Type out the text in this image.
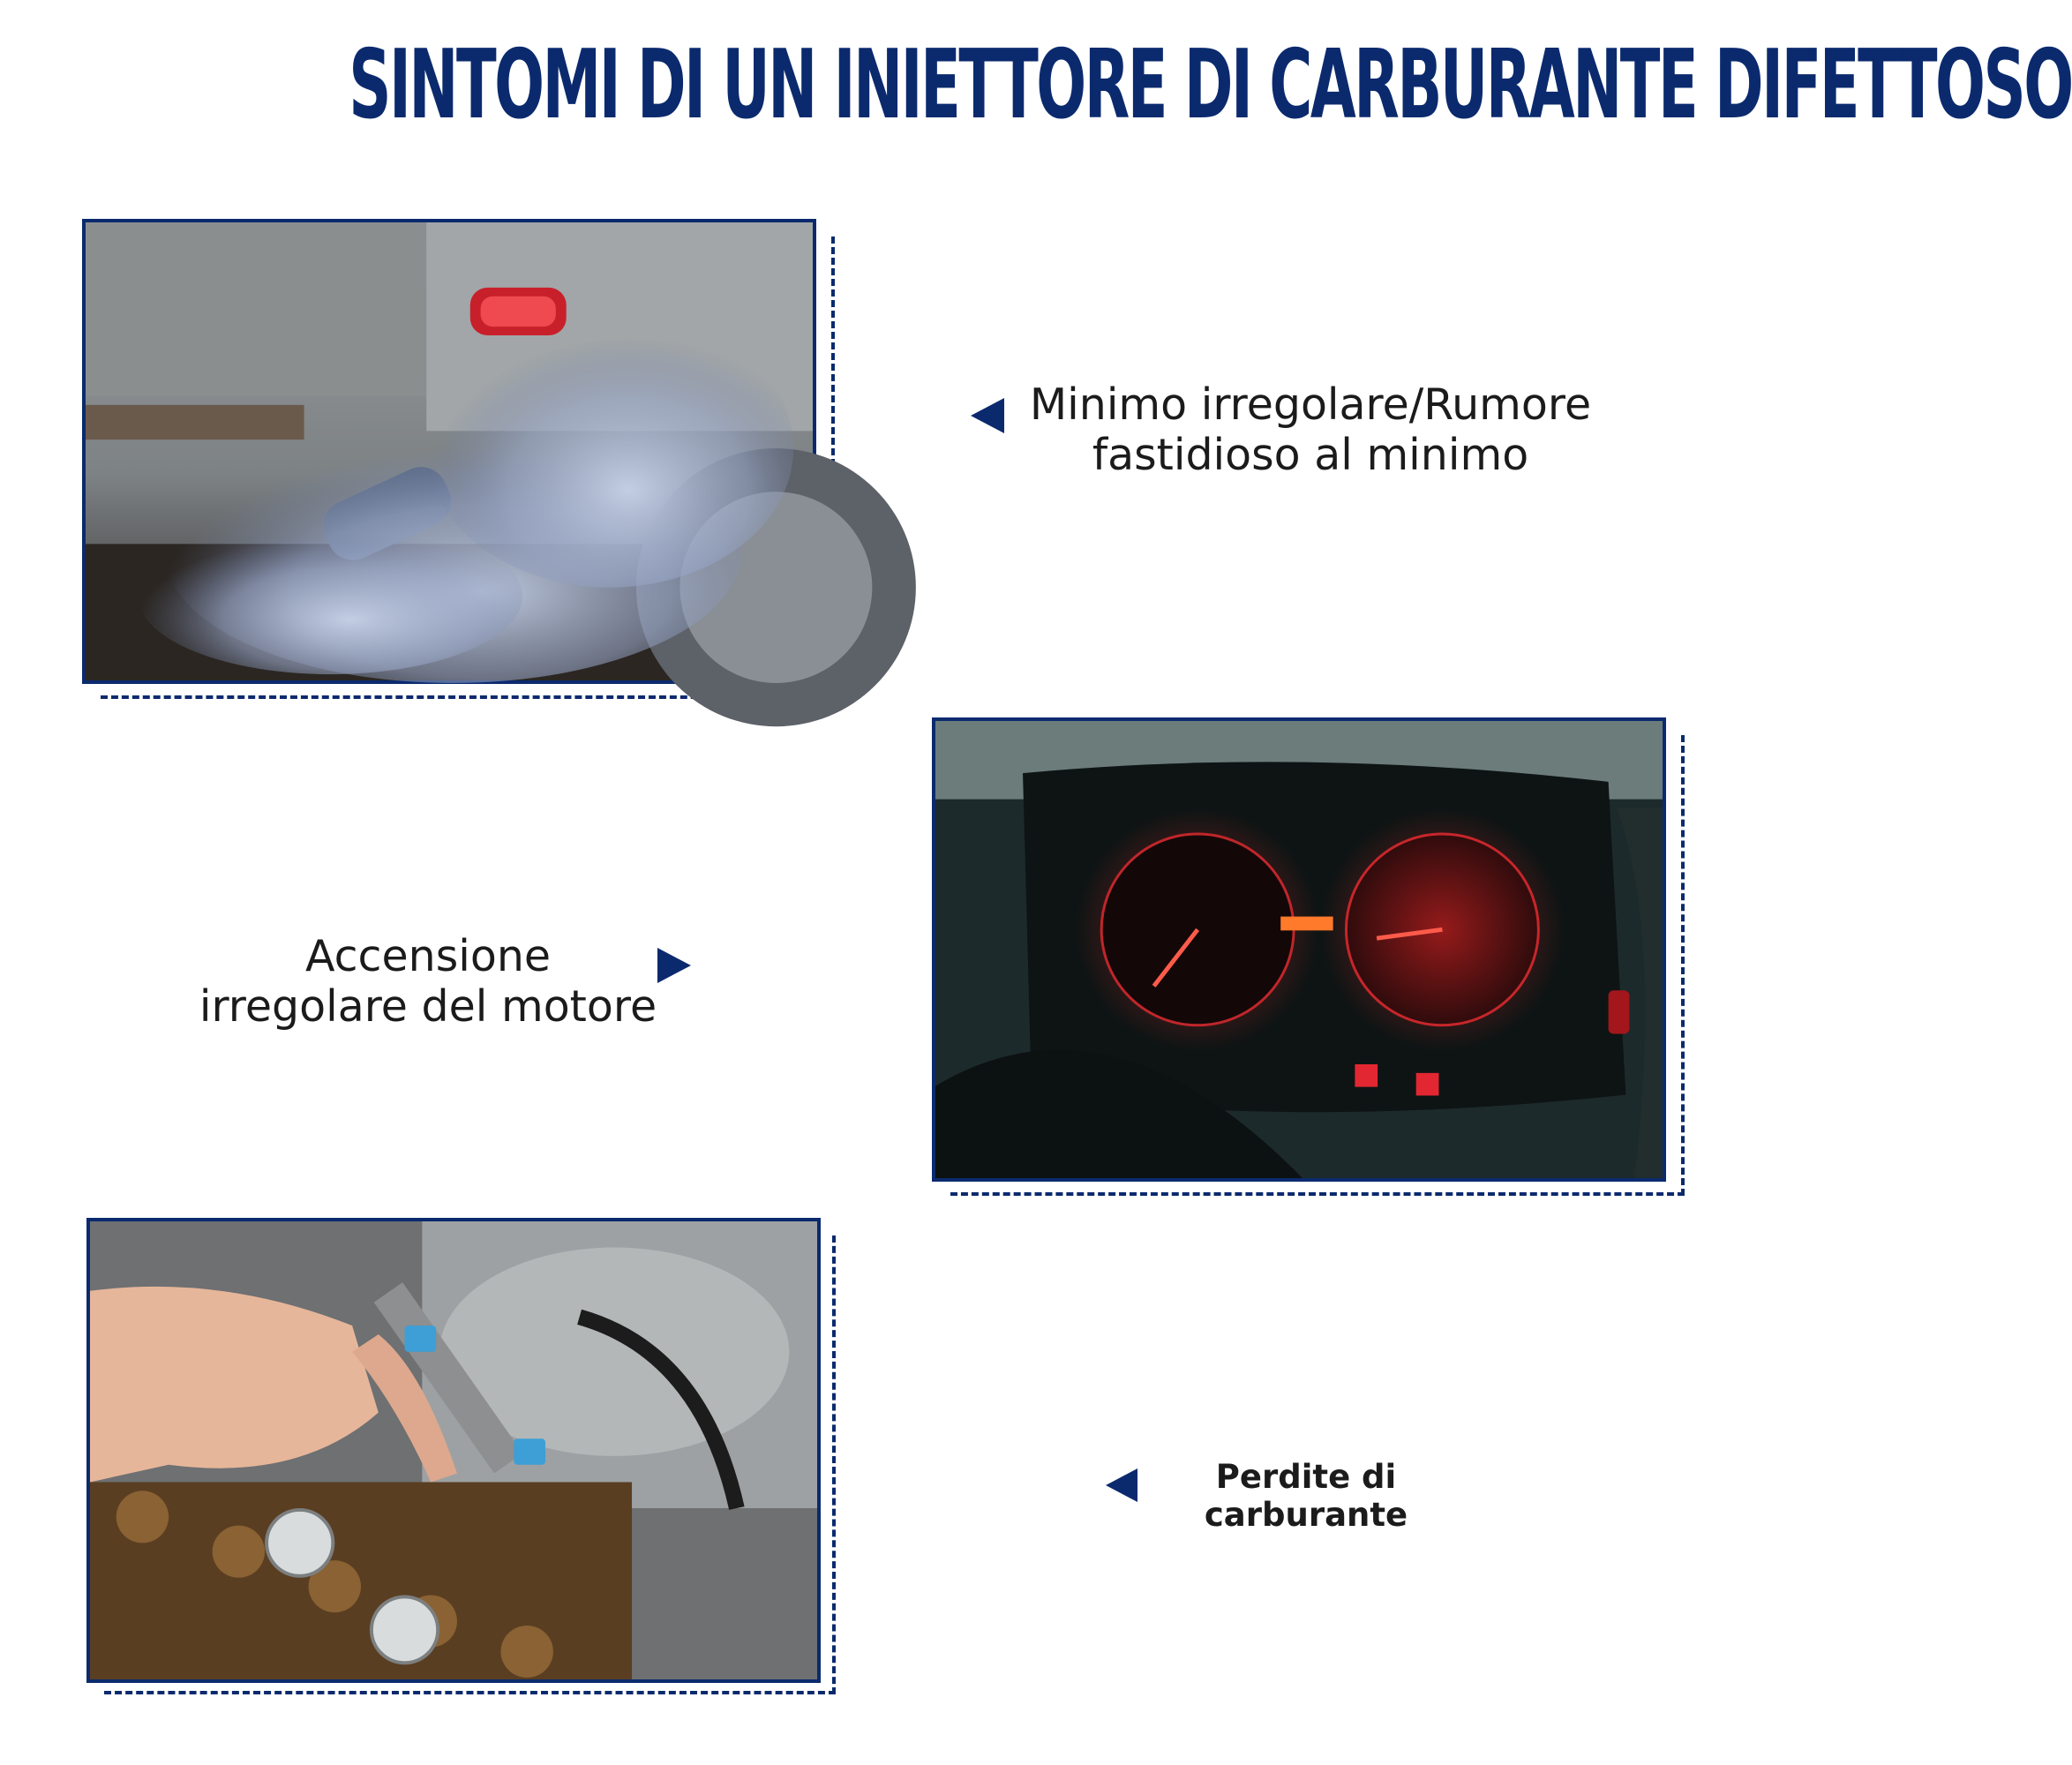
SINTOMI DI UN INIETTORE DI CARBURANTE DIFETTOSO
Minimo irregolare/Rumore
fastidioso al minimo
Accensione
irregolare del motore
Perdite di
carburante
